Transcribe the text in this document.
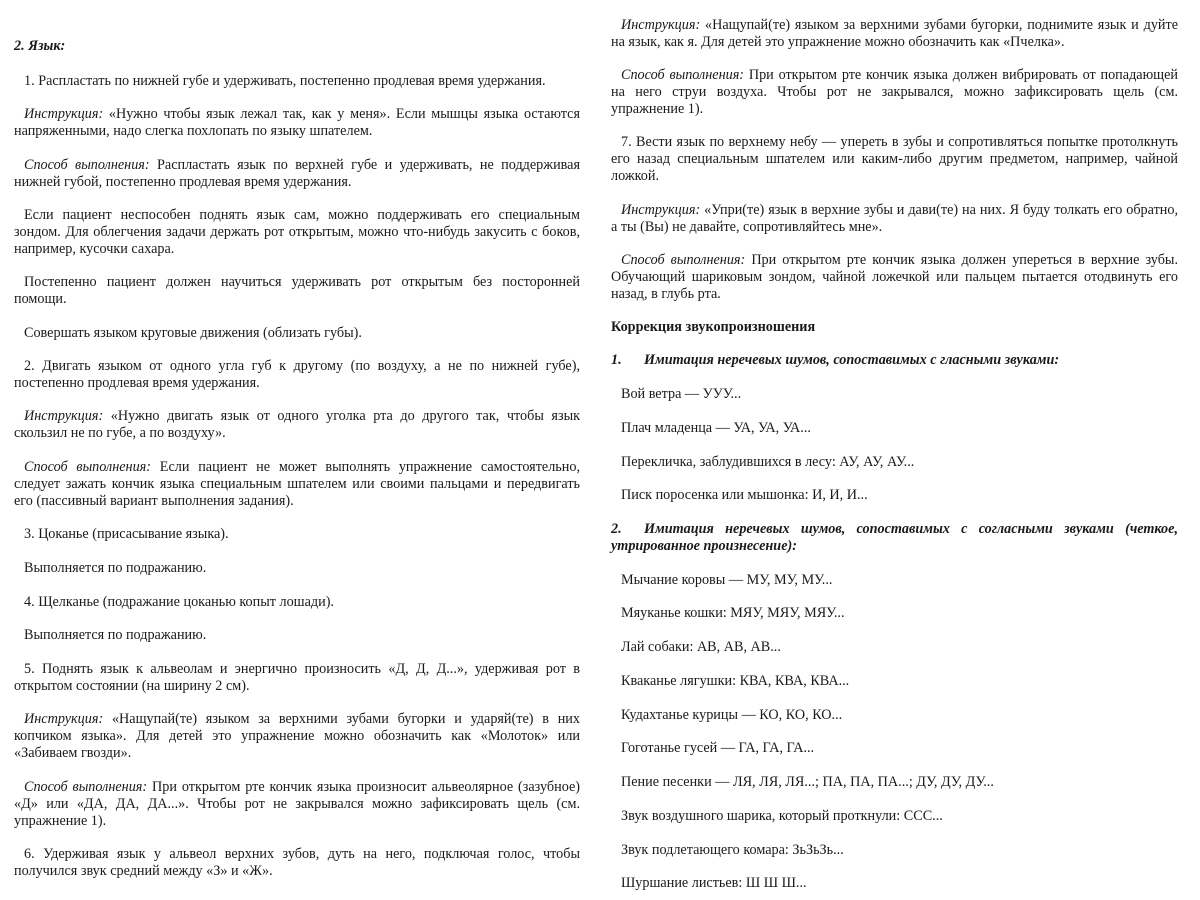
2. Язык:

1. Распластать по нижней губе и удерживать, постепенно продлевая время удержания.

Инструкция: «Нужно чтобы язык лежал так, как у меня». Если мышцы языка остаются напряженными, надо слегка похлопать по языку шпателем.

Способ выполнения: Распластать язык по верхней губе и удерживать, не поддерживая нижней губой, постепенно продлевая время удержания.

Если пациент неспособен поднять язык сам, можно поддерживать его специальным зондом. Для облегчения задачи держать рот открытым, можно что-нибудь закусить с боков, например, кусочки сахара.

Постепенно пациент должен научиться удерживать рот открытым без посторонней помощи.

Совершать языком круговые движения (облизать губы).

2. Двигать языком от одного угла губ к другому (по воздуху, а не по нижней губе), постепенно продлевая время удержания.

Инструкция: «Нужно двигать язык от одного уголка рта до другого так, чтобы язык скользил не по губе, а по воздуху».

Способ выполнения: Если пациент не может выполнять упражнение самостоятельно, следует зажать кончик языка специальным шпателем или своими пальцами и передвигать его (пассивный вариант выполнения задания).

3. Цоканье (присасывание языка).

Выполняется по подражанию.

4. Щелканье (подражание цоканью копыт лошади).

Выполняется по подражанию.

5. Поднять язык к альвеолам и энергично произносить «Д, Д, Д...», удерживая рот в открытом состоянии (на ширину 2 см).

Инструкция: «Нащупай(те) языком за верхними зубами бугорки и ударяй(те) в них копчиком языка». Для детей это упражнение можно обозначить как «Молоток» или «Забиваем гвозди».

Способ выполнения: При открытом рте кончик языка произносит альвеолярное (зазубное) «Д» или «ДА, ДА, ДА...». Чтобы рот не закрывался можно зафиксировать щель (см. упражнение 1).

6. Удерживая язык у альвеол верхних зубов, дуть на него, подключая голос, чтобы получился звук средний между «З» и «Ж».

Инструкция: «Нащупай(те) языком за верхними зубами бугорки, поднимите язык и дуйте на язык, как я. Для детей это упражнение можно обозначить как «Пчелка».

Способ выполнения: При открытом рте кончик языка должен вибрировать от попадающей на него струи воздуха. Чтобы рот не закрывался, можно зафиксировать щель (см. упражнение 1).

7. Вести язык по верхнему небу — упереть в зубы и сопротивляться попытке протолкнуть его назад специальным шпателем или каким-либо другим предметом, например, чайной ложкой.

Инструкция: «Упри(те) язык в верхние зубы и дави(те) на них. Я буду толкать его обратно, а ты (Вы) не давайте, сопротивляйтесь мне».

Способ выполнения: При открытом рте кончик языка должен упереться в верхние зубы. Обучающий шариковым зондом, чайной ложечкой или пальцем пытается отодвинуть его назад, в глубь рта.

Коррекция звукопроизношения

1. Имитация неречевых шумов, сопоставимых с гласными звуками:

Вой ветра — УУУ...

Плач младенца — УА, УА, УА...

Перекличка, заблудившихся в лесу: АУ, АУ, АУ...

Писк поросенка или мышонка: И, И, И...

2. Имитация неречевых шумов, сопоставимых с согласными звуками (четкое, утрированное произнесение):

Мычание коровы — МУ, МУ, МУ...

Мяуканье кошки: МЯУ, МЯУ, МЯУ...

Лай собаки: АВ, АВ, АВ...

Кваканье лягушки: КВА, КВА, КВА...

Кудахтанье курицы — КО, КО, КО...

Гоготанье гусей — ГА, ГА, ГА...

Пение песенки — ЛЯ, ЛЯ, ЛЯ...; ПА, ПА, ПА...; ДУ, ДУ, ДУ...

Звук воздушного шарика, который проткнули: ССС...

Звук подлетающего комара: ЗьЗьЗь...

Шуршание листьев: Ш Ш Ш...
